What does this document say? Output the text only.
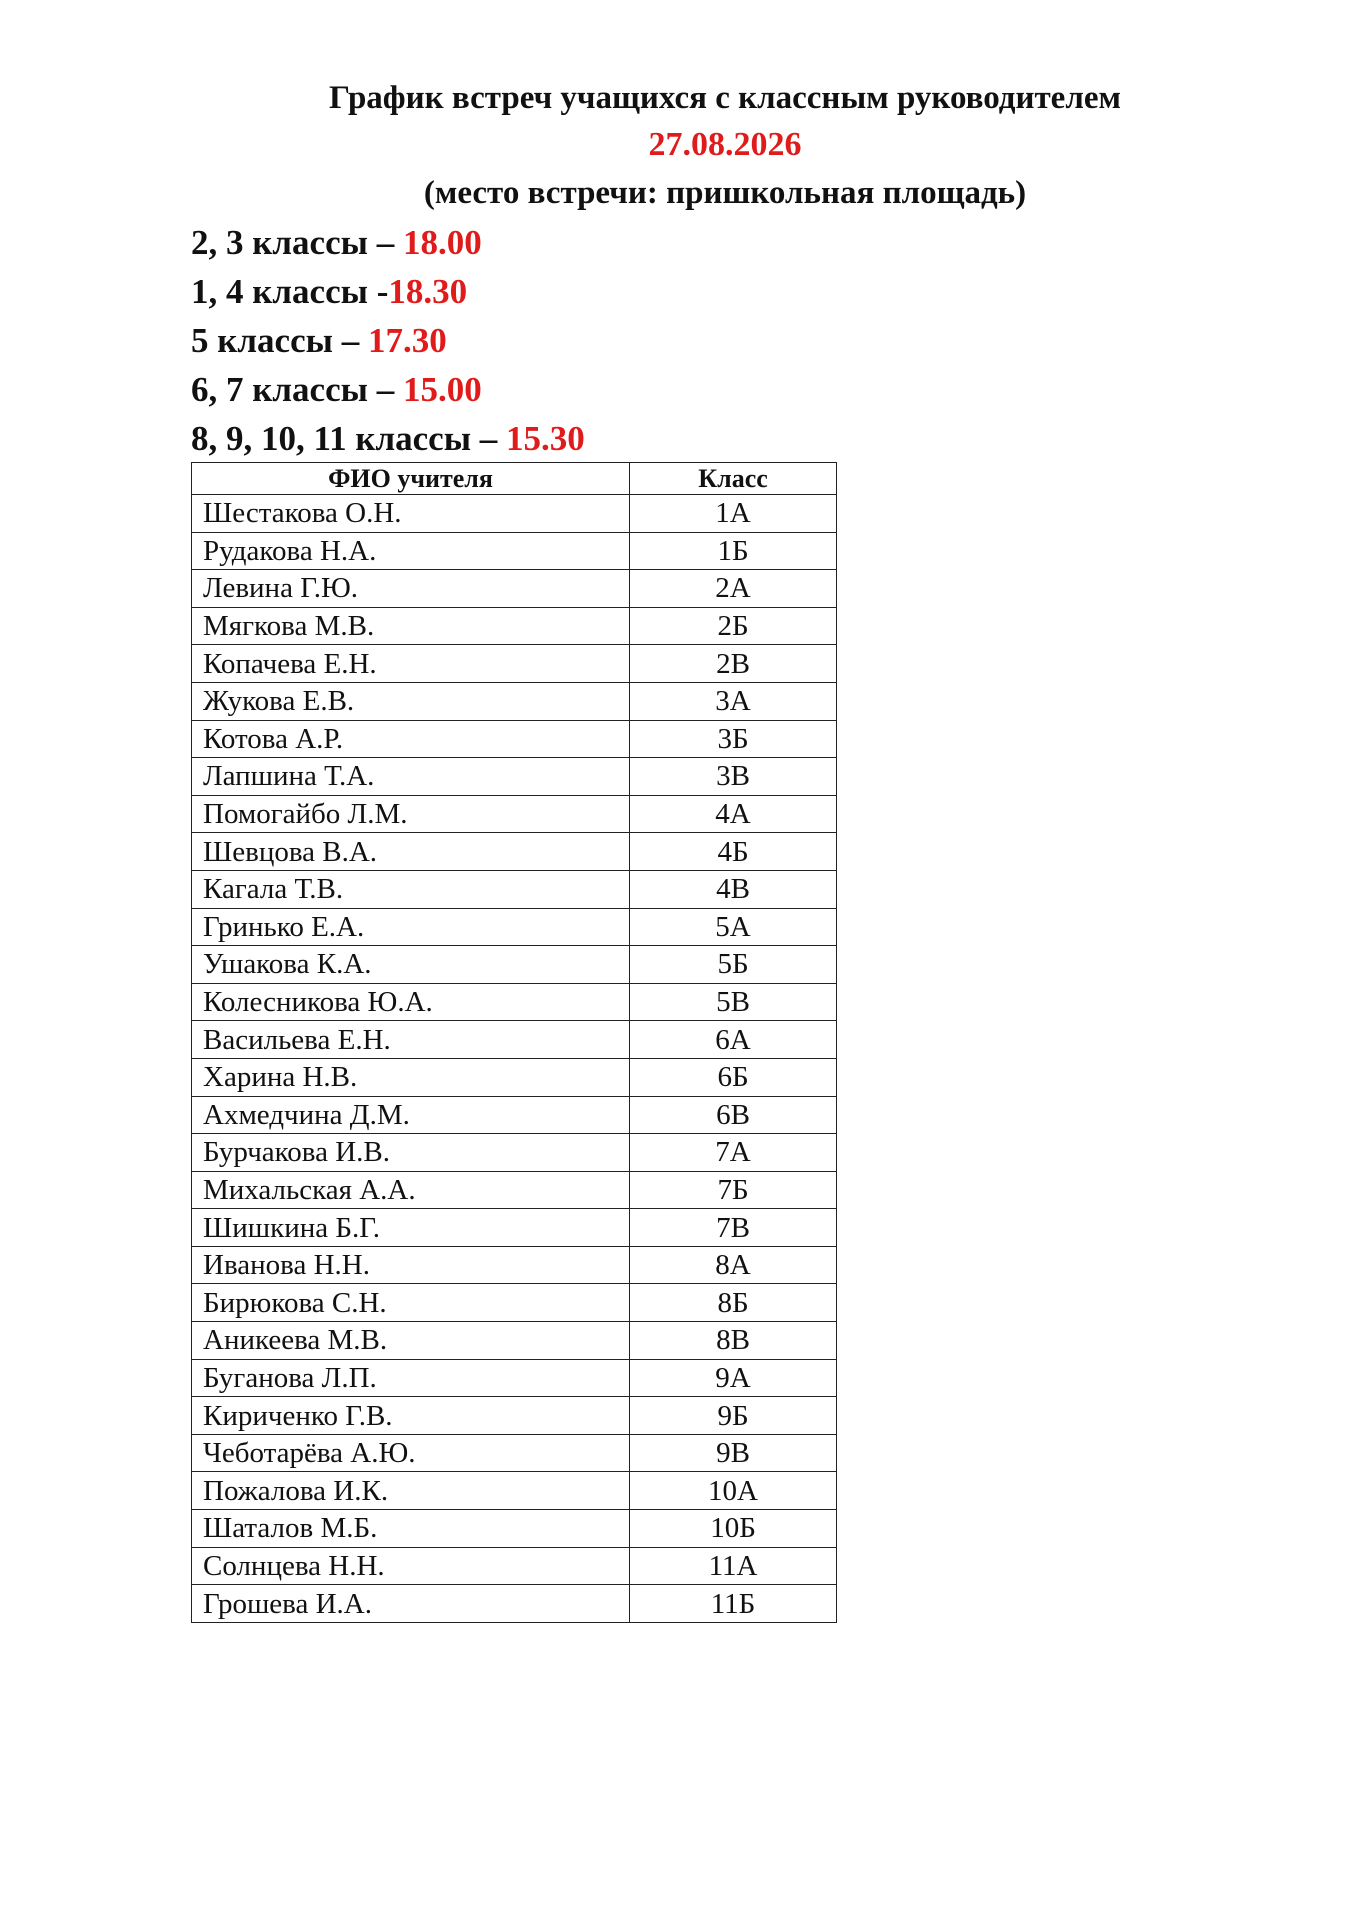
График встреч учащихся с классным руководителем
27.08.2026
(место встречи: пришкольная площадь)
2, 3 классы – 18.00
1, 4 классы -18.30
5 классы – 17.30
6, 7 классы – 15.00
8, 9, 10, 11 классы – 15.30
ФИО учителя	Класс
Шестакова О.Н.	1А
Рудакова Н.А.	1Б
Левина Г.Ю.	2А
Мягкова М.В.	2Б
Копачева Е.Н.	2В
Жукова Е.В.	3А
Котова А.Р.	3Б
Лапшина Т.А.	3В
Помогайбо Л.М.	4А
Шевцова В.А.	4Б
Кагала Т.В.	4В
Гринько Е.А.	5А
Ушакова К.А.	5Б
Колесникова Ю.А.	5В
Васильева Е.Н.	6А
Харина Н.В.	6Б
Ахмедчина Д.М.	6В
Бурчакова И.В.	7А
Михальская А.А.	7Б
Шишкина Б.Г.	7В
Иванова Н.Н.	8А
Бирюкова С.Н.	8Б
Аникеева М.В.	8В
Буганова Л.П.	9А
Кириченко Г.В.	9Б
Чеботарёва А.Ю.	9В
Пожалова И.К.	10А
Шаталов М.Б.	10Б
Солнцева Н.Н.	11А
Грошева И.А.	11Б
